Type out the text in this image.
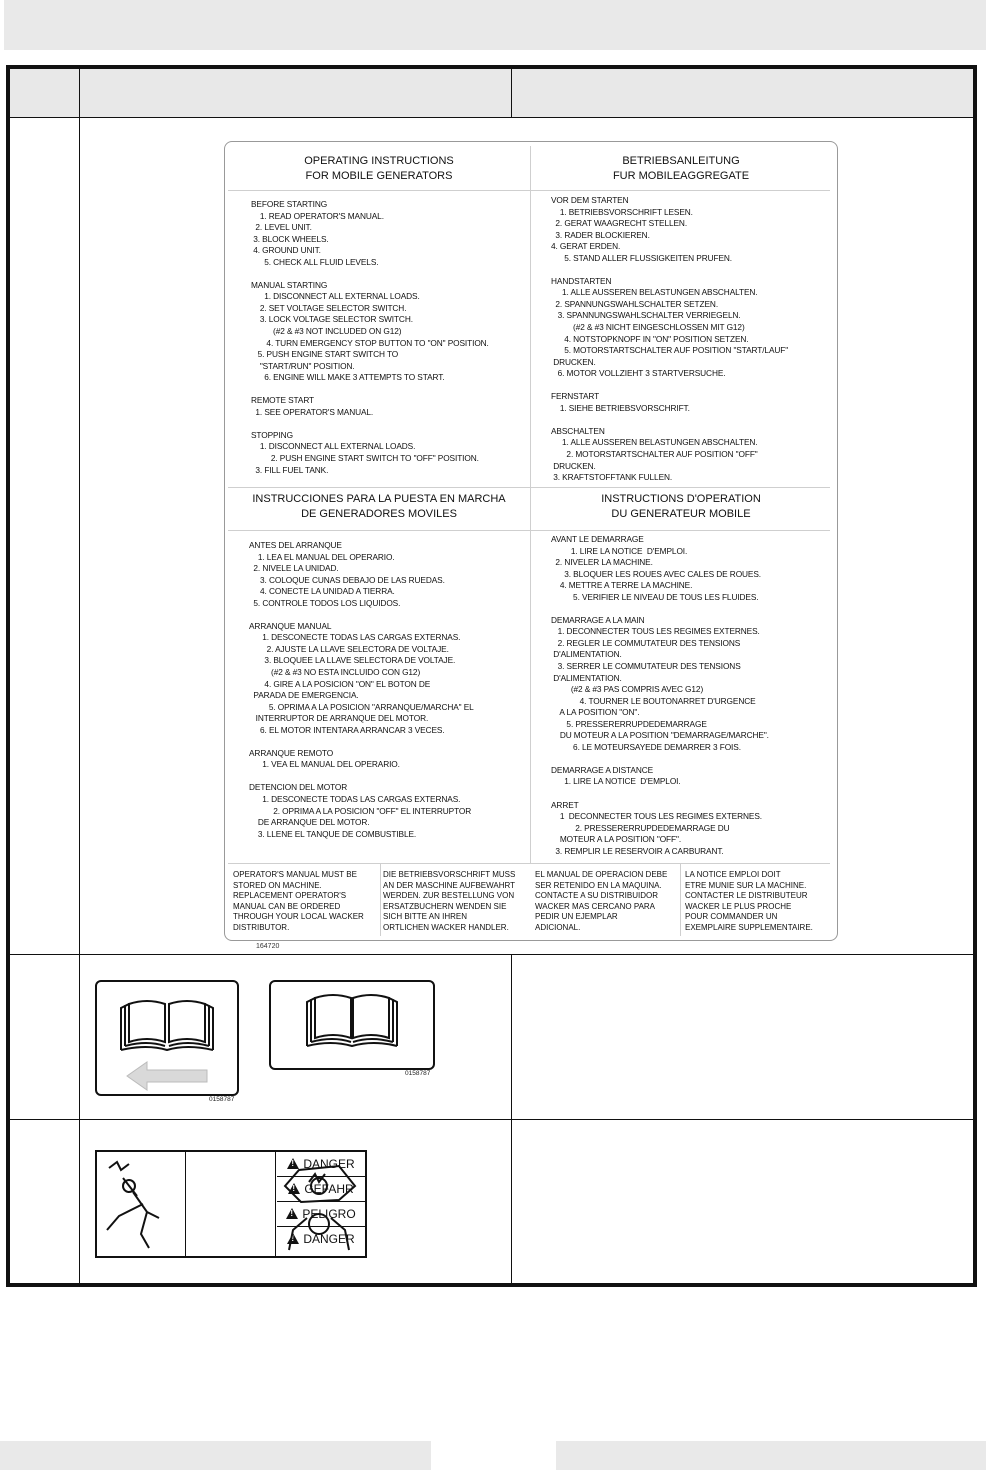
OPERATING INSTRUCTIONS
FOR MOBILE GENERATORS
BETRIEBSANLEITUNG
FUR MOBILEAGGREGATE
INSTRUCCIONES PARA LA PUESTA EN MARCHA
DE GENERADORES MOVILES
INSTRUCTIONS D'OPERATION
DU GENERATEUR MOBILE
BEFORE STARTING
1. READ OPERATOR'S MANUAL.
2. LEVEL UNIT.
3. BLOCK WHEELS.
4. GROUND UNIT.
5. CHECK ALL FLUID LEVELS.

MANUAL STARTING
1. DISCONNECT ALL EXTERNAL LOADS.
2. SET VOLTAGE SELECTOR SWITCH.
3. LOCK VOLTAGE SELECTOR SWITCH.
(#2 & #3 NOT INCLUDED ON G12)
4. TURN EMERGENCY STOP BUTTON TO "ON" POSITION.
5. PUSH ENGINE START SWITCH TO
"START/RUN" POSITION.
6. ENGINE WILL MAKE 3 ATTEMPTS TO START.

REMOTE START
1. SEE OPERATOR'S MANUAL.

STOPPING
1. DISCONNECT ALL EXTERNAL LOADS.
2. PUSH ENGINE START SWITCH TO "OFF" POSITION.
3. FILL FUEL TANK.
VOR DEM STARTEN
1. BETRIEBSVORSCHRIFT LESEN.
2. GERAT WAAGRECHT STELLEN.
3. RADER BLOCKIEREN.
4. GERAT ERDEN.
5. STAND ALLER FLUSSIGKEITEN PRUFEN.

HANDSTARTEN
1. ALLE AUSSEREN BELASTUNGEN ABSCHALTEN.
2. SPANNUNGSWAHLSCHALTER SETZEN.
3. SPANNUNGSWAHLSCHALTER VERRIEGELN.
(#2 & #3 NICHT EINGESCHLOSSEN MIT G12)
4. NOTSTOPKNOPF IN "ON" POSITION SETZEN.
5. MOTORSTARTSCHALTER AUF POSITION "START/LAUF"
DRUCKEN.
6. MOTOR VOLLZIEHT 3 STARTVERSUCHE.

FERNSTART
1. SIEHE BETRIEBSVORSCHRIFT.

ABSCHALTEN
1. ALLE AUSSEREN BELASTUNGEN ABSCHALTEN.
2. MOTORSTARTSCHALTER AUF POSITION "OFF"
DRUCKEN.
3. KRAFTSTOFFTANK FULLEN.
ANTES DEL ARRANQUE
1. LEA EL MANUAL DEL OPERARIO.
2. NIVELE LA UNIDAD.
3. COLOQUE CUNAS DEBAJO DE LAS RUEDAS.
4. CONECTE LA UNIDAD A TIERRA.
5. CONTROLE TODOS LOS LIQUIDOS.

ARRANQUE MANUAL
1. DESCONECTE TODAS LAS CARGAS EXTERNAS.
2. AJUSTE LA LLAVE SELECTORA DE VOLTAJE.
3. BLOQUEE LA LLAVE SELECTORA DE VOLTAJE.
(#2 & #3 NO ESTA INCLUIDO CON G12)
4. GIRE A LA POSICION "ON" EL BOTON DE
PARADA DE EMERGENCIA.
5. OPRIMA A LA POSICION "ARRANQUE/MARCHA" EL
INTERRUPTOR DE ARRANQUE DEL MOTOR.
6. EL MOTOR INTENTARA ARRANCAR 3 VECES.

ARRANQUE REMOTO
1. VEA EL MANUAL DEL OPERARIO.

DETENCION DEL MOTOR
1. DESCONECTE TODAS LAS CARGAS EXTERNAS.
2. OPRIMA A LA POSICION "OFF" EL INTERRUPTOR
DE ARRANQUE DEL MOTOR.
3. LLENE EL TANQUE DE COMBUSTIBLE.
AVANT LE DEMARRAGE
1. LIRE LA NOTICE  D'EMPLOI.
2. NIVELER LA MACHINE.
3. BLOQUER LES ROUES AVEC CALES DE ROUES.
4. METTRE A TERRE LA MACHINE.
5. VERIFIER LE NIVEAU DE TOUS LES FLUIDES.

DEMARRAGE A LA MAIN
1. DECONNECTER TOUS LES REGIMES EXTERNES.
2. REGLER LE COMMUTATEUR DES TENSIONS
D'ALIMENTATION.
3. SERRER LE COMMUTATEUR DES TENSIONS
D'ALIMENTATION.
(#2 & #3 PAS COMPRIS AVEC G12)
4. TOURNER LE BOUTONARRET D'URGENCE
A LA POSITION "ON".
5. PRESSERERRUPDEDEMARRAGE
DU MOTEUR A LA POSITION "DEMARRAGE/MARCHE".
6. LE MOTEURSAYEDE DEMARRER 3 FOIS.

DEMARRAGE A DISTANCE
1. LIRE LA NOTICE  D'EMPLOI.

ARRET
1  DECONNECTER TOUS LES REGIMES EXTERNES.
2. PRESSERERRUPDEDEMARRAGE DU
MOTEUR A LA POSITION "OFF".
3. REMPLIR LE RESERVOIR A CARBURANT.
OPERATOR'S MANUAL MUST BE
STORED ON MACHINE.
REPLACEMENT OPERATOR'S
MANUAL CAN BE ORDERED
THROUGH YOUR LOCAL WACKER
DISTRIBUTOR.
DIE BETRIEBSVORSCHRIFT MUSS
AN DER MASCHINE AUFBEWAHRT
WERDEN. ZUR BESTELLUNG VON
ERSATZBUCHERN WENDEN SIE
SICH BITTE AN IHREN
ORTLICHEN WACKER HANDLER.
EL MANUAL DE OPERACION DEBE
SER RETENIDO EN LA MAQUINA.
CONTACTE A SU DISTRIBUIDOR
WACKER MAS CERCANO PARA
PEDIR UN EJEMPLAR
ADICIONAL.
LA NOTICE EMPLOI DOIT
ETRE MUNIE SUR LA MACHINE.
CONTACTER LE DISTRIBUTEUR
WACKER LE PLUS PROCHE
POUR COMMANDER UN
EXEMPLAIRE SUPPLEMENTAIRE.
164720
0158787
0158787
!DANGER
!GEFAHR
!PELIGRO
!DANGER
